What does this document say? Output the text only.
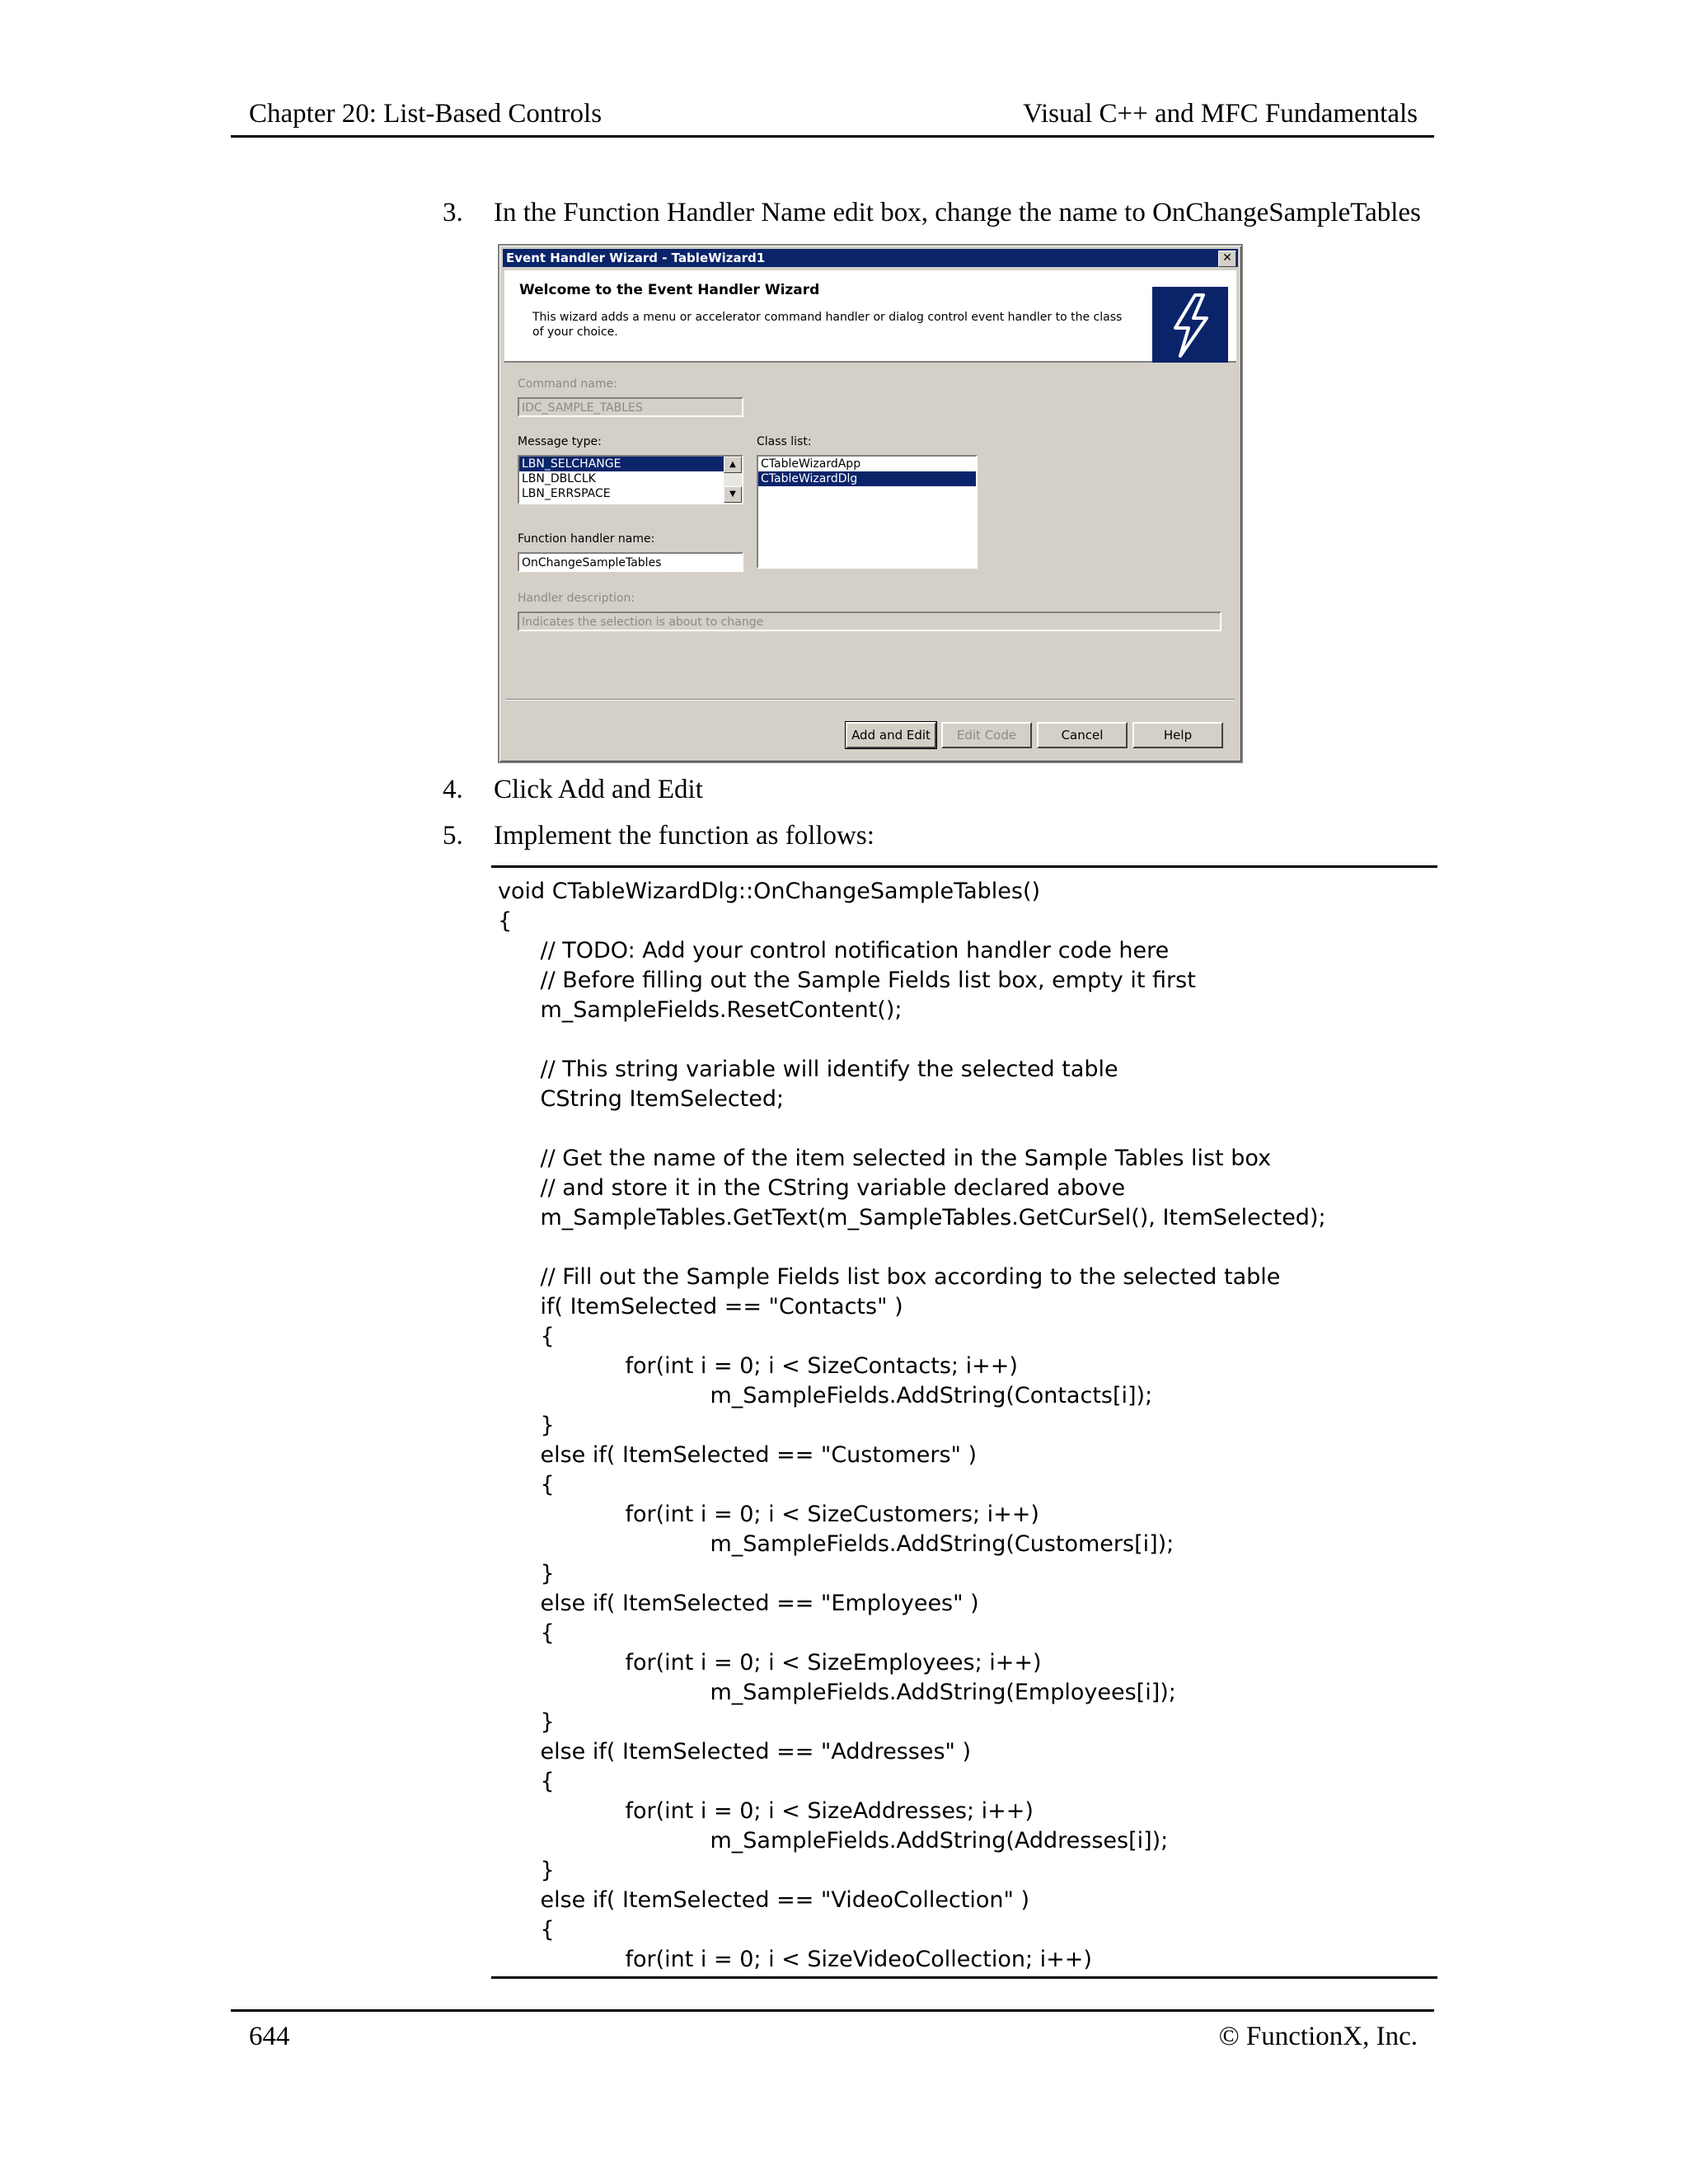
Chapter 20: List-Based Controls	Visual C++ and MFC Fundamentals
3.	In the Function Handler Name edit box, change the name to OnChangeSampleTables
Event Handler Wizard - TableWizard1	✕
Welcome to the Event Handler Wizard
This wizard adds a menu or accelerator command handler or dialog control event handler to the class of your choice.
Command name:
IDC_SAMPLE_TABLES
Message type:
LBN_SELCHANGE
LBN_DBLCLK
LBN_ERRSPACE
▲
▼
Class list:
CTableWizardApp
CTableWizardDlg
Function handler name:
OnChangeSampleTables
Handler description:
Indicates the selection is about to change
Add and Edit	Edit Code	Cancel	Help
4.	Click Add and Edit
5.	Implement the function as follows:
void CTableWizardDlg::OnChangeSampleTables()
{
// TODO: Add your control notification handler code here
// Before filling out the Sample Fields list box, empty it first
m_SampleFields.ResetContent();
// This string variable will identify the selected table
CString ItemSelected;
// Get the name of the item selected in the Sample Tables list box
// and store it in the CString variable declared above
m_SampleTables.GetText(m_SampleTables.GetCurSel(), ItemSelected);
// Fill out the Sample Fields list box according to the selected table
if( ItemSelected == "Contacts" )
{
for(int i = 0; i < SizeContacts; i++)
m_SampleFields.AddString(Contacts[i]);
}
else if( ItemSelected == "Customers" )
{
for(int i = 0; i < SizeCustomers; i++)
m_SampleFields.AddString(Customers[i]);
}
else if( ItemSelected == "Employees" )
{
for(int i = 0; i < SizeEmployees; i++)
m_SampleFields.AddString(Employees[i]);
}
else if( ItemSelected == "Addresses" )
{
for(int i = 0; i < SizeAddresses; i++)
m_SampleFields.AddString(Addresses[i]);
}
else if( ItemSelected == "VideoCollection" )
{
for(int i = 0; i < SizeVideoCollection; i++)
644	© FunctionX, Inc.
